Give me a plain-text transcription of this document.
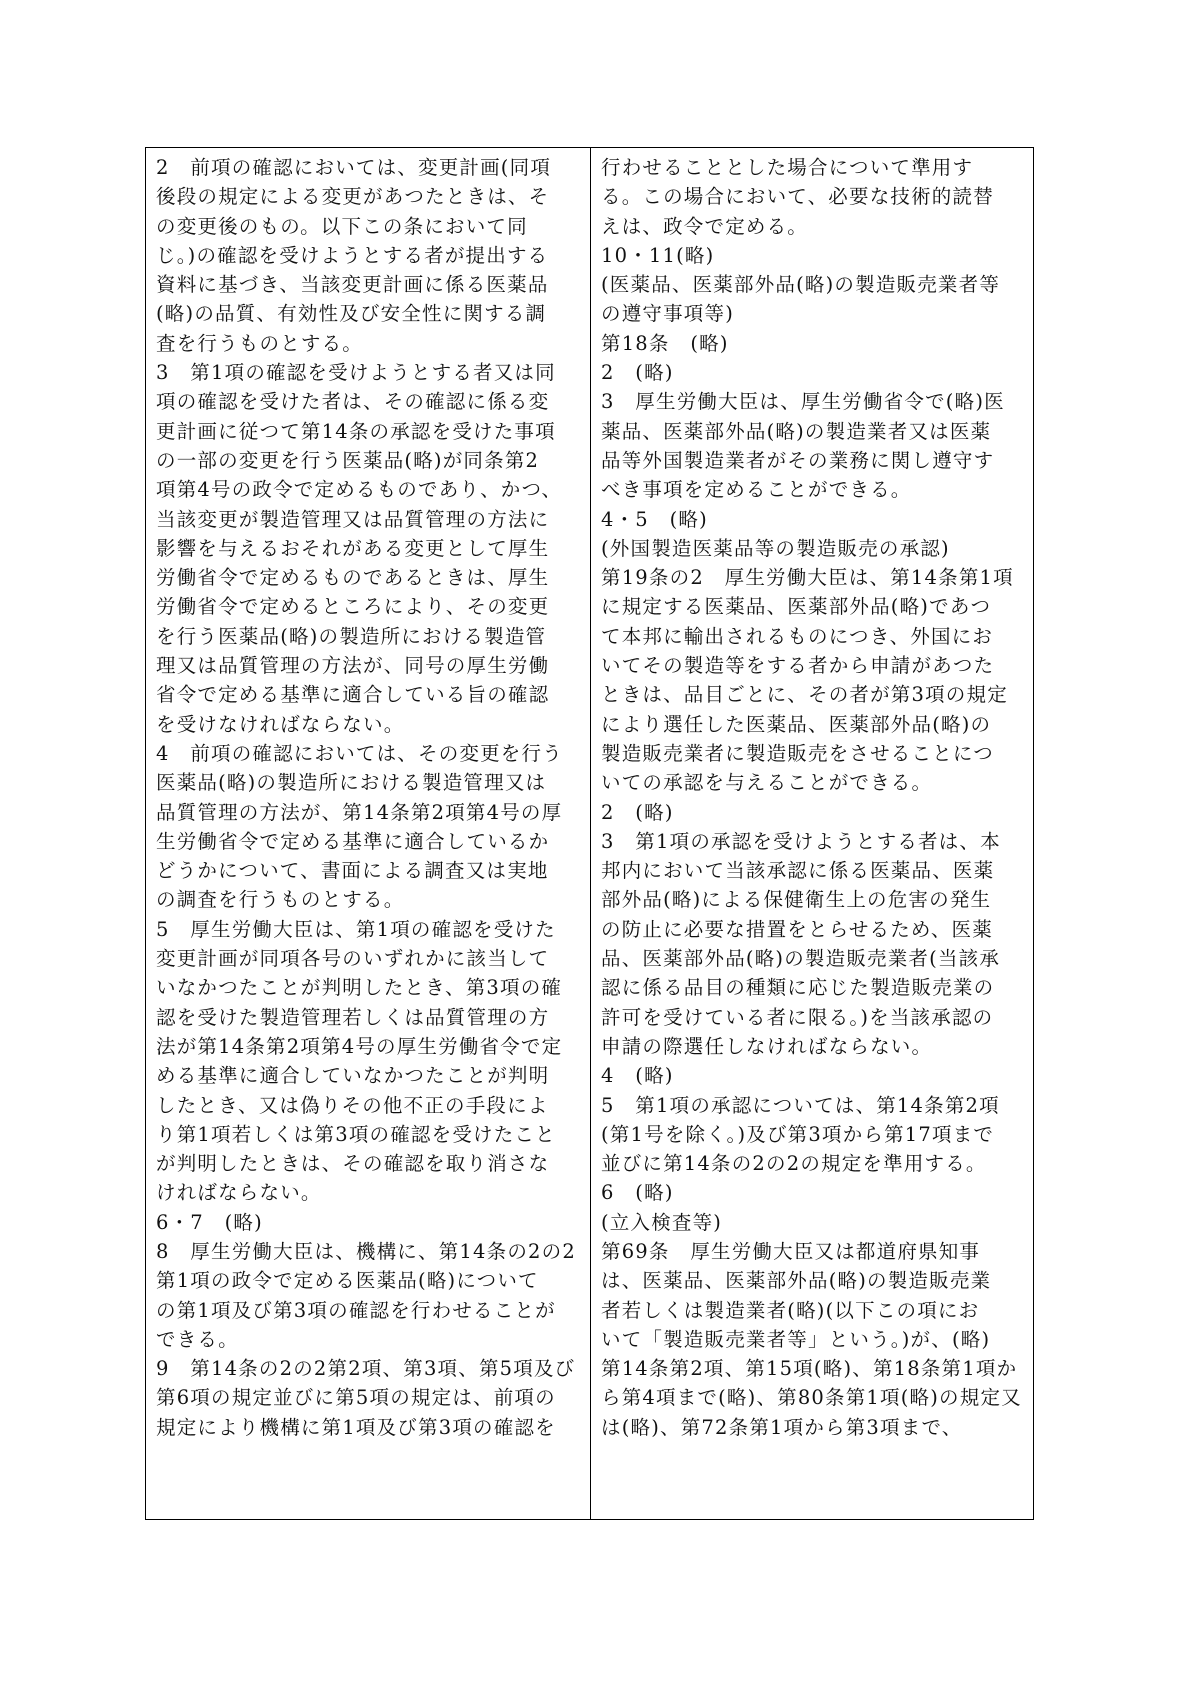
2　前項の確認においては、変更計画(同項
後段の規定による変更があつたときは、そ
の変更後のもの。以下この条において同
じ。)の確認を受けようとする者が提出する
資料に基づき、当該変更計画に係る医薬品
(略)の品質、有効性及び安全性に関する調
査を行うものとする。
3　第1項の確認を受けようとする者又は同
項の確認を受けた者は、その確認に係る変
更計画に従つて第14条の承認を受けた事項
の一部の変更を行う医薬品(略)が同条第2
項第4号の政令で定めるものであり、かつ、
当該変更が製造管理又は品質管理の方法に
影響を与えるおそれがある変更として厚生
労働省令で定めるものであるときは、厚生
労働省令で定めるところにより、その変更
を行う医薬品(略)の製造所における製造管
理又は品質管理の方法が、同号の厚生労働
省令で定める基準に適合している旨の確認
を受けなければならない。
4　前項の確認においては、その変更を行う
医薬品(略)の製造所における製造管理又は
品質管理の方法が、第14条第2項第4号の厚
生労働省令で定める基準に適合しているか
どうかについて、書面による調査又は実地
の調査を行うものとする。
5　厚生労働大臣は、第1項の確認を受けた
変更計画が同項各号のいずれかに該当して
いなかつたことが判明したとき、第3項の確
認を受けた製造管理若しくは品質管理の方
法が第14条第2項第4号の厚生労働省令で定
める基準に適合していなかつたことが判明
したとき、又は偽りその他不正の手段によ
り第1項若しくは第3項の確認を受けたこと
が判明したときは、その確認を取り消さな
ければならない。
6・7　(略)
8　厚生労働大臣は、機構に、第14条の2の2
第1項の政令で定める医薬品(略)について
の第1項及び第3項の確認を行わせることが
できる。
9　第14条の2の2第2項、第3項、第5項及び
第6項の規定並びに第5項の規定は、前項の
規定により機構に第1項及び第3項の確認を
行わせることとした場合について準用す
る。この場合において、必要な技術的読替
えは、政令で定める。
10・11(略)
(医薬品、医薬部外品(略)の製造販売業者等
の遵守事項等)
第18条　(略)
2　(略)
3　厚生労働大臣は、厚生労働省令で(略)医
薬品、医薬部外品(略)の製造業者又は医薬
品等外国製造業者がその業務に関し遵守す
べき事項を定めることができる。
4・5　(略)
(外国製造医薬品等の製造販売の承認)
第19条の2　厚生労働大臣は、第14条第1項
に規定する医薬品、医薬部外品(略)であつ
て本邦に輸出されるものにつき、外国にお
いてその製造等をする者から申請があつた
ときは、品目ごとに、その者が第3項の規定
により選任した医薬品、医薬部外品(略)の
製造販売業者に製造販売をさせることにつ
いての承認を与えることができる。
2　(略)
3　第1項の承認を受けようとする者は、本
邦内において当該承認に係る医薬品、医薬
部外品(略)による保健衛生上の危害の発生
の防止に必要な措置をとらせるため、医薬
品、医薬部外品(略)の製造販売業者(当該承
認に係る品目の種類に応じた製造販売業の
許可を受けている者に限る。)を当該承認の
申請の際選任しなければならない。
4　(略)
5　第1項の承認については、第14条第2項
(第1号を除く。)及び第3項から第17項まで
並びに第14条の2の2の規定を準用する。
6　(略)
(立入検査等)
第69条　厚生労働大臣又は都道府県知事
は、医薬品、医薬部外品(略)の製造販売業
者若しくは製造業者(略)(以下この項にお
いて「製造販売業者等」という。)が、(略)
第14条第2項、第15項(略)、第18条第1項か
ら第4項まで(略)、第80条第1項(略)の規定又
は(略)、第72条第1項から第3項まで、
